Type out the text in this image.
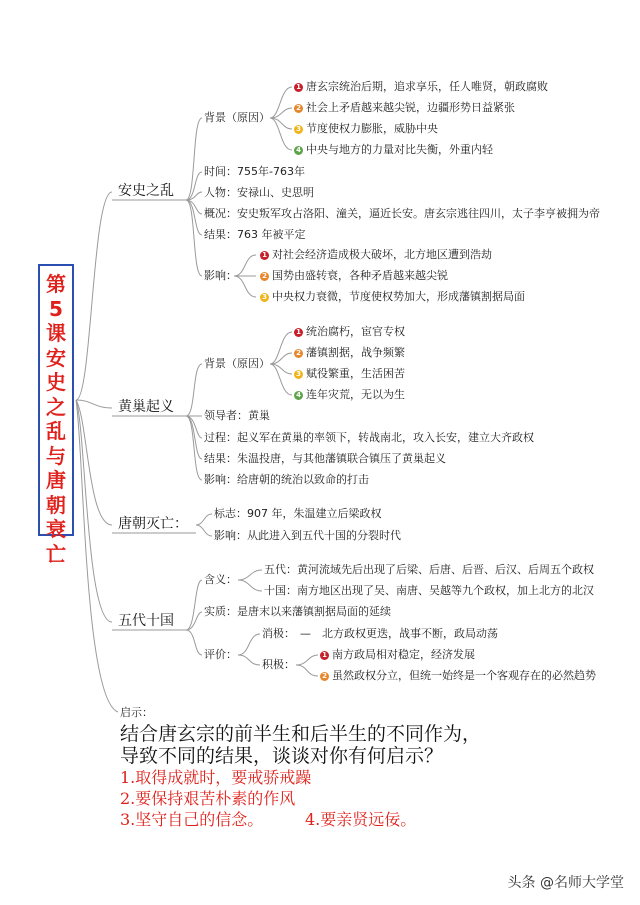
第5课安史之乱与唐朝衰亡
安史之乱
背景（原因）
1 唐玄宗统治后期，追求享乐，任人唯贤，朝政腐败
2 社会上矛盾越来越尖锐，边疆形势日益紧张
3 节度使权力膨胀，威胁中央
4 中央与地方的力量对比失衡，外重内轻
时间：755年-763年
人物：安禄山、史思明
概况：安史叛军攻占洛阳、潼关，逼近长安。唐玄宗逃往四川，太子李亨被拥为帝
结果：763 年被平定
影响：
1 对社会经济造成极大破坏，北方地区遭到浩劫
2 国势由盛转衰，各种矛盾越来越尖锐
3 中央权力衰微，节度使权势加大，形成藩镇割据局面
黄巢起义
背景（原因）
1 统治腐朽，宦官专权
2 藩镇割据，战争频繁
3 赋役繁重，生活困苦
4 连年灾荒，无以为生
领导者：黄巢
过程：起义军在黄巢的率领下，转战南北，攻入长安，建立大齐政权
结果：朱温投唐，与其他藩镇联合镇压了黄巢起义
影响：给唐朝的统治以致命的打击
唐朝灭亡：
标志：907 年，朱温建立后梁政权
影响：从此进入到五代十国的分裂时代
五代十国
含义：
五代：黄河流域先后出现了后梁、后唐、后晋、后汉、后周五个政权
十国：南方地区出现了吴、南唐、吴越等九个政权，加上北方的北汉
实质：是唐末以来藩镇割据局面的延续
评价：
消极： — 北方政权更迭，战事不断，政局动荡
积极：
1 南方政局相对稳定，经济发展
2 虽然政权分立，但统一始终是一个客观存在的必然趋势
启示：
结合唐玄宗的前半生和后半生的不同作为，
导致不同的结果，谈谈对你有何启示？
1.取得成就时，要戒骄戒躁
2.要保持艰苦朴素的作风
3.坚守自己的信念。	4.要亲贤远佞。
头条 @名师大学堂
